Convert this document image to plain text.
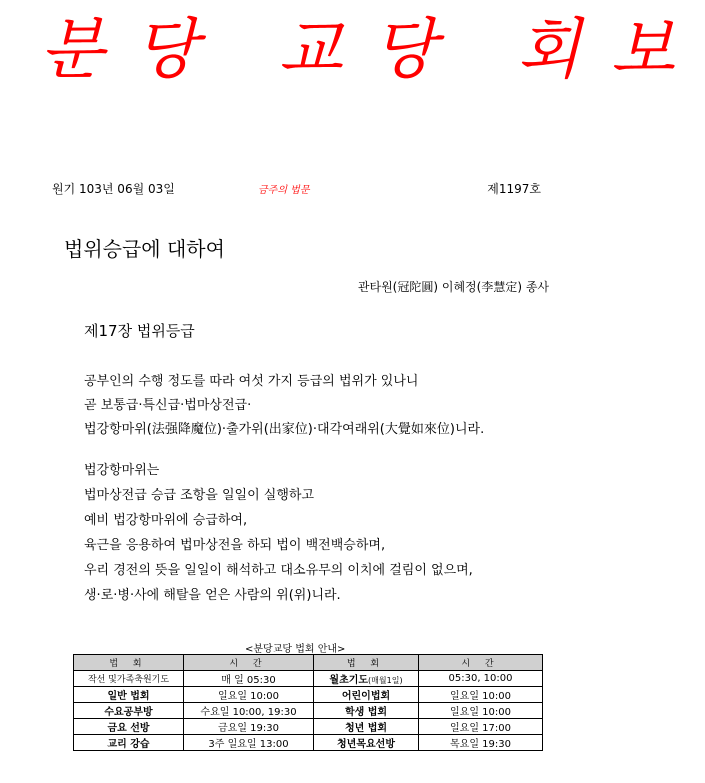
분당 교당 회보
원기 103년 06월 03일	금주의 법문	제1197호
법위승급에 대하여
관타원(冠陀圓) 이혜정(李慧定) 종사
제17장 법위등급
공부인의 수행 정도를 따라 여섯 가지 등급의 법위가 있나니
곧 보통급·특신급·법마상전급·
법강항마위(法强降魔位)·출가위(出家位)·대각여래위(大覺如來位)니라.
법강항마위는
법마상전급 승급 조항을 일일이 실행하고
예비 법강항마위에 승급하여,
육근을 응용하여 법마상전을 하되 법이 백전백승하며,
우리 경전의 뜻을 일일이 해석하고 대소유무의 이치에 걸림이 없으며,
생·로·병·사에 해탈을 얻은 사람의 위(위)니라.
<분당교당 법회 안내>
법 회	시 간	법 회	시 간
작선 및가족축원기도	매 일 05:30	월초기도(매월1일)	05:30, 10:00
일반 법회	일요일 10:00	어린이법회	일요일 10:00
수요공부방	수요일 10:00, 19:30	학생 법회	일요일 10:00
금요 선방	금요일 19:30	청년 법회	일요일 17:00
교리 강습	3주 일요일 13:00	청년목요선방	목요일 19:30
